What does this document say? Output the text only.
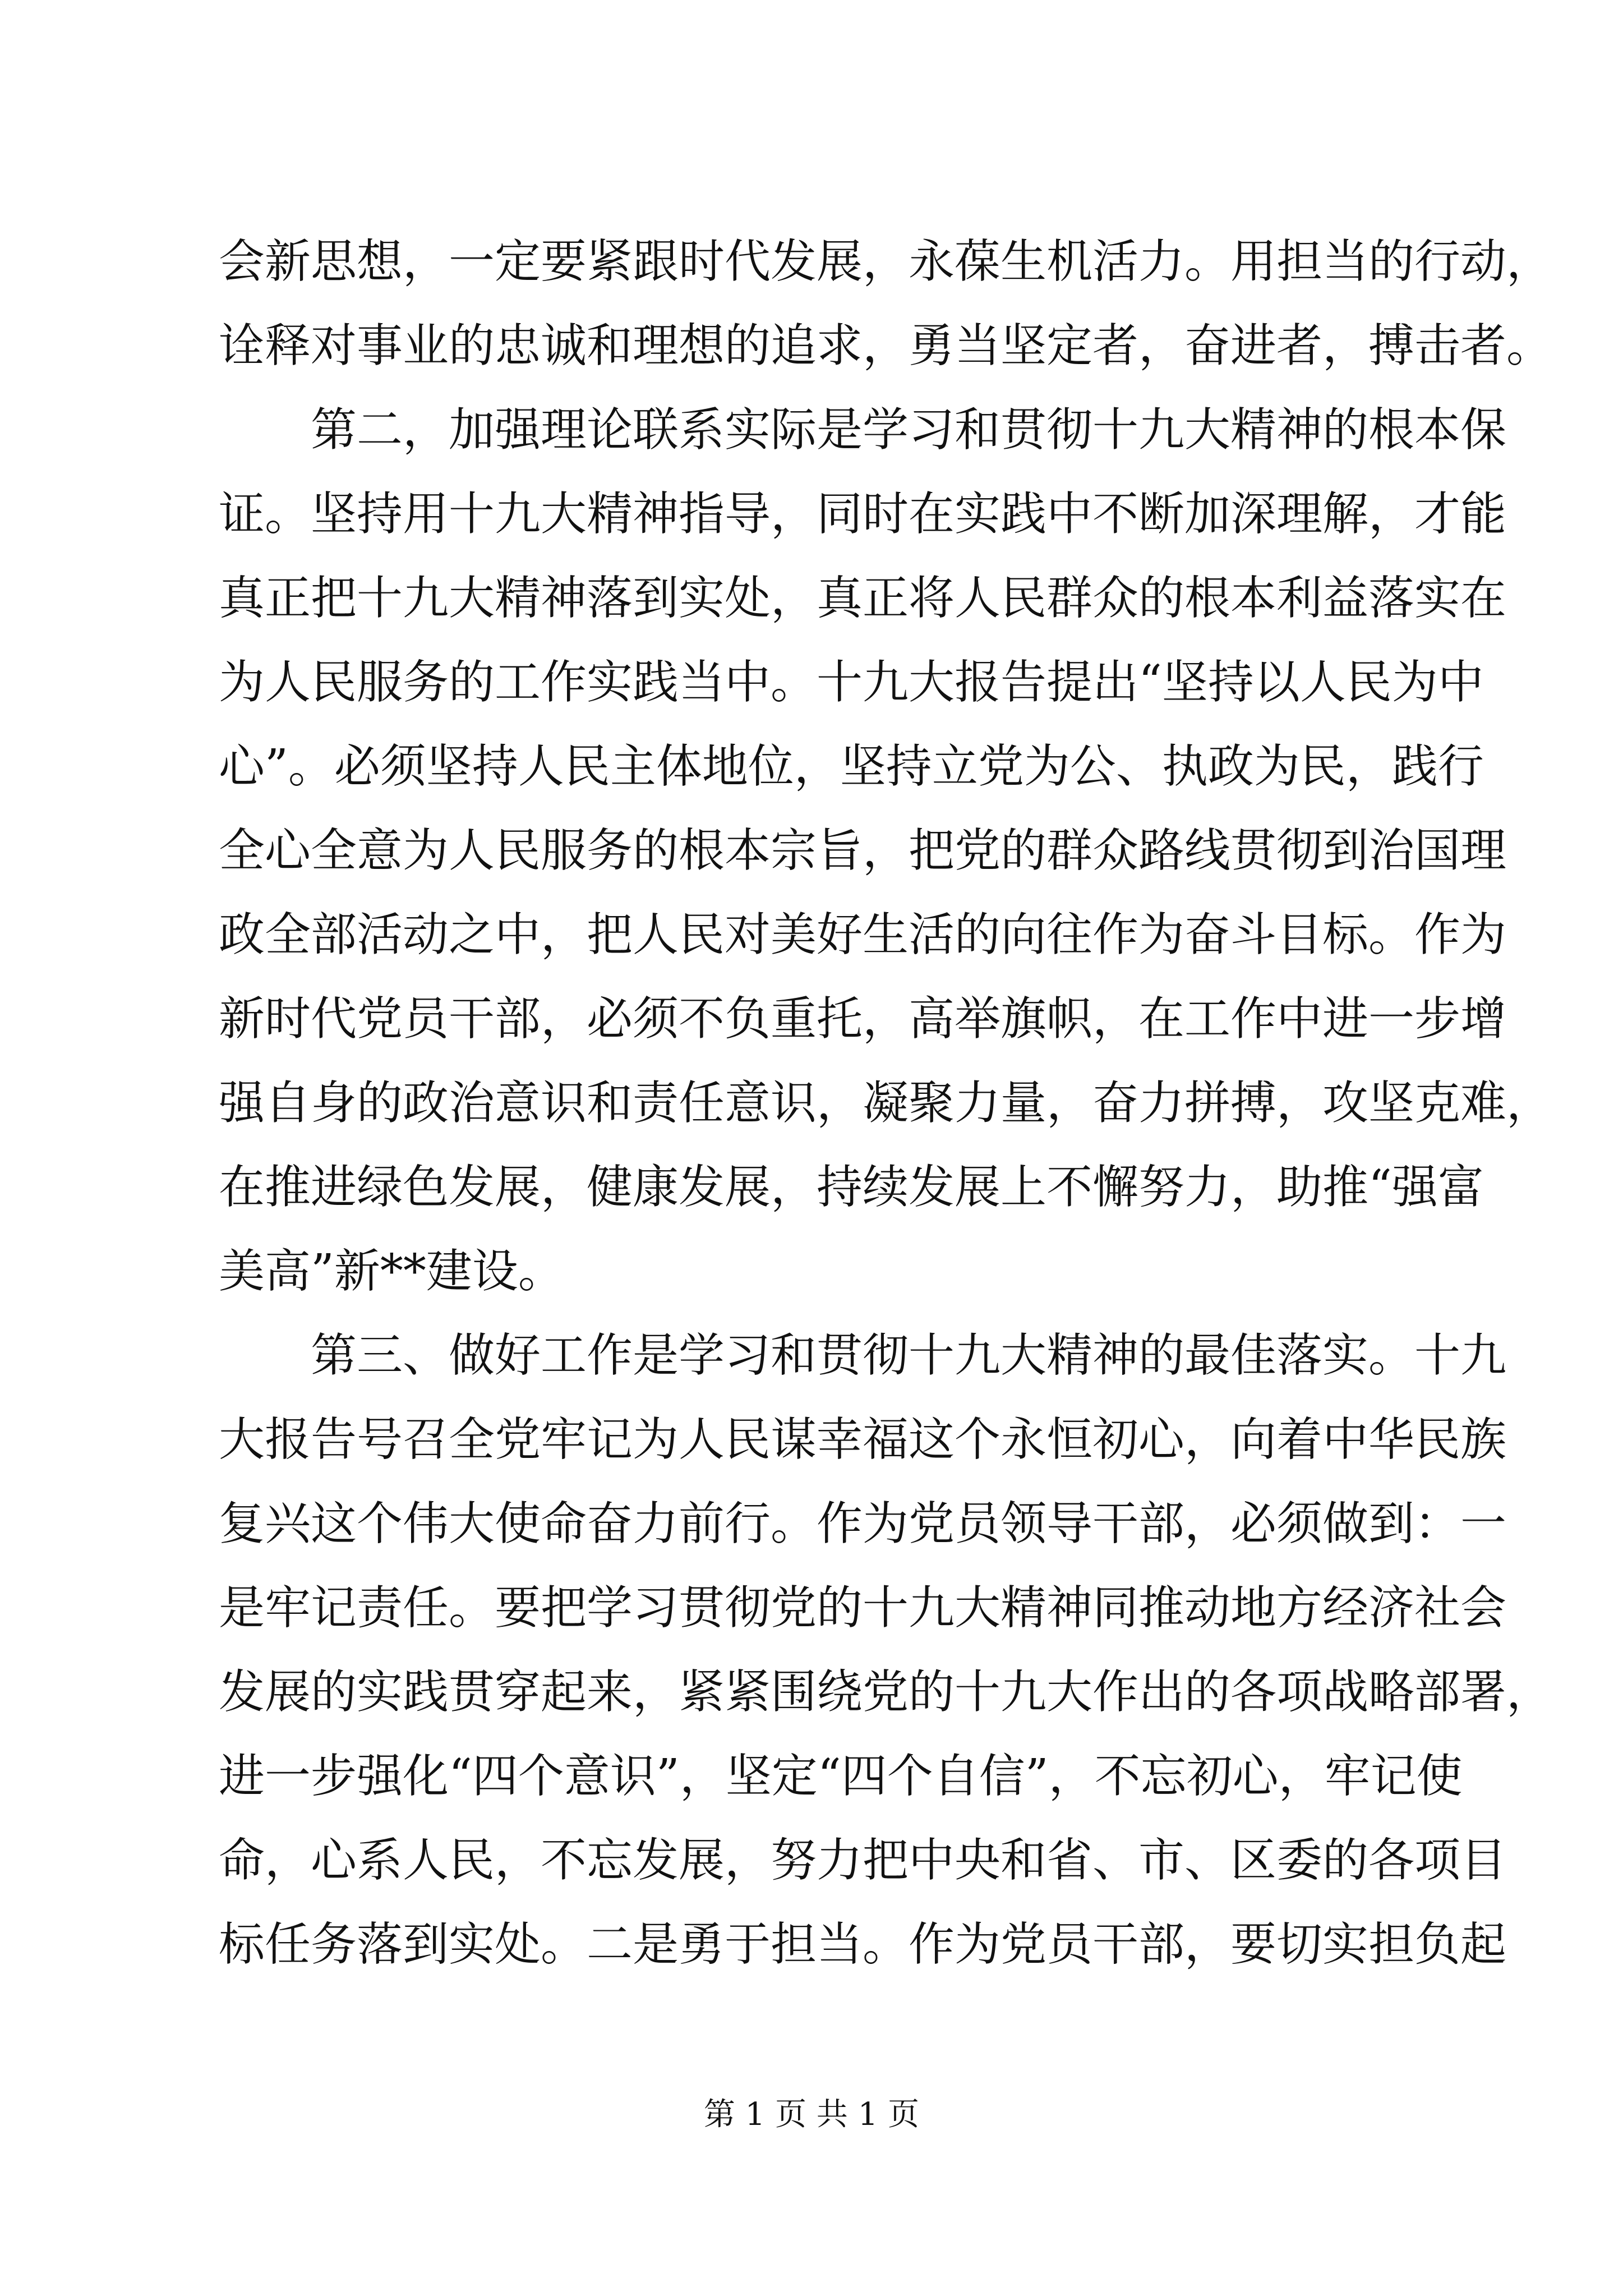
会新思想，一定要紧跟时代发展，永葆生机活力。用担当的行动，
诠释对事业的忠诚和理想的追求，勇当坚定者，奋进者，搏击者。
第二，加强理论联系实际是学习和贯彻十九大精神的根本保
证。坚持用十九大精神指导，同时在实践中不断加深理解，才能
真正把十九大精神落到实处，真正将人民群众的根本利益落实在
为人民服务的工作实践当中。十九大报告提出“坚持以人民为中
心”。必须坚持人民主体地位，坚持立党为公、执政为民，践行
全心全意为人民服务的根本宗旨，把党的群众路线贯彻到治国理
政全部活动之中，把人民对美好生活的向往作为奋斗目标。作为
新时代党员干部，必须不负重托，高举旗帜，在工作中进一步增
强自身的政治意识和责任意识，凝聚力量，奋力拼搏，攻坚克难，
在推进绿色发展，健康发展，持续发展上不懈努力，助推“强富
美高”新**建设。
第三、做好工作是学习和贯彻十九大精神的最佳落实。十九
大报告号召全党牢记为人民谋幸福这个永恒初心，向着中华民族
复兴这个伟大使命奋力前行。作为党员领导干部，必须做到：一
是牢记责任。要把学习贯彻党的十九大精神同推动地方经济社会
发展的实践贯穿起来，紧紧围绕党的十九大作出的各项战略部署，
进一步强化“四个意识”，坚定“四个自信”，不忘初心，牢记使
命，心系人民，不忘发展，努力把中央和省、市、区委的各项目
标任务落到实处。二是勇于担当。作为党员干部，要切实担负起
第 1 页 共 1 页
